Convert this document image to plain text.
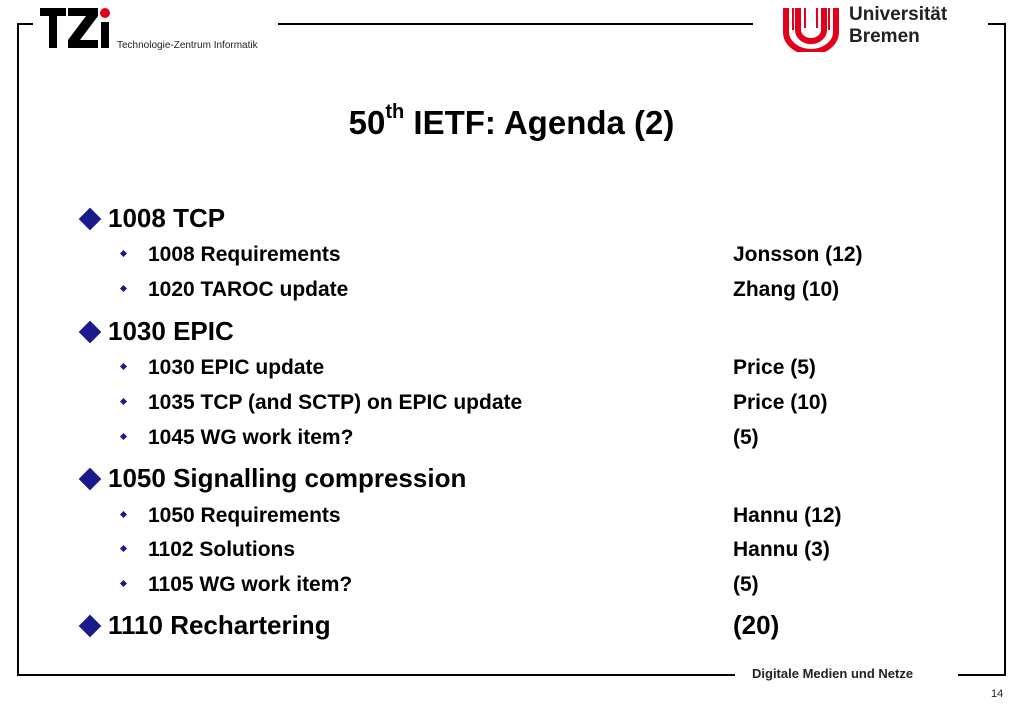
Technologie-Zentrum Informatik
Universität
Bremen
50th IETF: Agenda (2)
1008 TCP
1008 Requirements	Jonsson (12)
1020 TAROC update	Zhang (10)
1030 EPIC
1030 EPIC update	Price (5)
1035 TCP (and SCTP) on EPIC update	Price (10)
1045 WG work item?	(5)
1050 Signalling compression
1050 Requirements	Hannu (12)
1102 Solutions	Hannu (3)
1105 WG work item?	(5)
1110 Rechartering	(20)
Digitale Medien und Netze
14
